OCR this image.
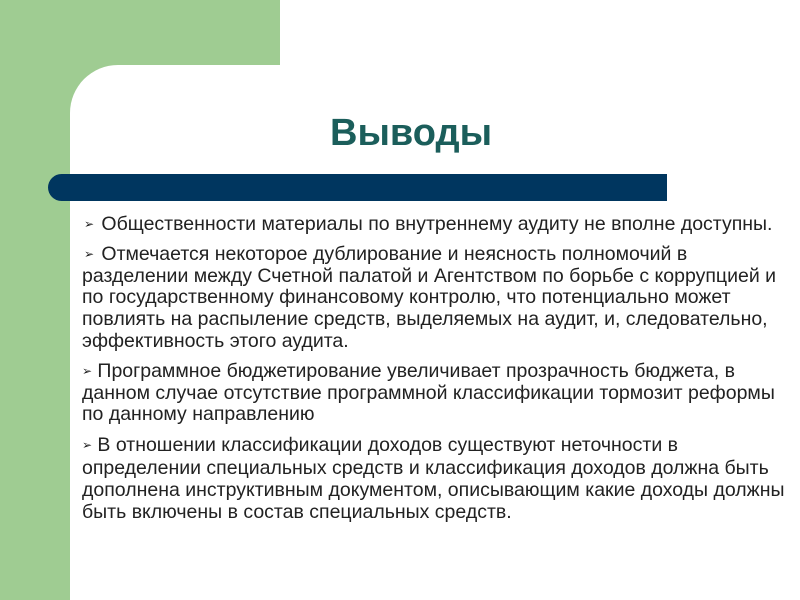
Выводы
➢ Общественности материалы по внутреннему аудиту не вполне доступны.
➢ Отмечается некоторое дублирование и неясность полномочий в разделении между Счетной палатой и Агентством по борьбе с коррупцией и по государственному финансовому контролю, что потенциально может повлиять на распыление средств, выделяемых на аудит, и, следовательно, эффективность этого аудита.
➢ Программное бюджетирование увеличивает прозрачность бюджета, в данном случае отсутствие программной классификации тормозит реформы по данному направлению
➢ В отношении классификации доходов существуют неточности в определении специальных средств и классификация доходов должна быть дополнена инструктивным документом, описывающим какие доходы должны быть включены в состав специальных средств.
